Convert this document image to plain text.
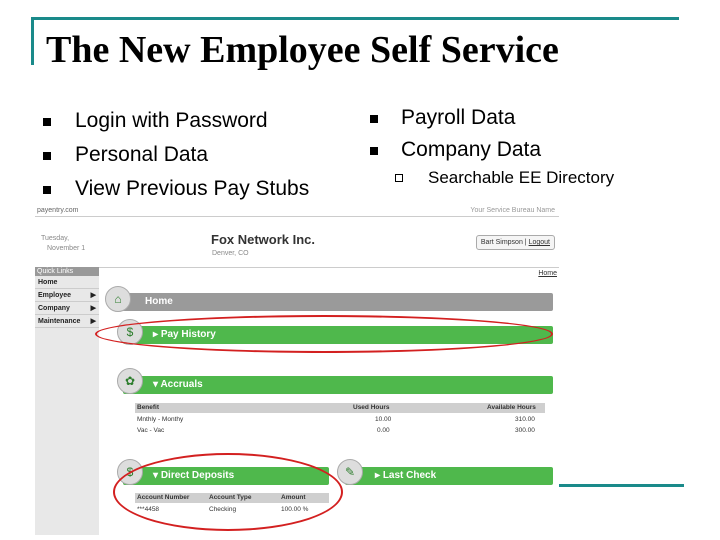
The New Employee Self Service
Login with Password
Personal Data
View Previous Pay Stubs
Payroll Data
Company Data
Searchable EE Directory
payentry.com	Your Service Bureau Name
Tuesday,
November 1
Fox Network Inc.
Denver, CO
Bart Simpson | Logout
Quick Links
Home
Employee	▶
Company	▶
Maintenance ▶
Home
Home
⌂
▸ Pay History
$
▾ Accruals
✿
Benefit	Used Hours	Available Hours
Mnthly - Monthy	10.00	310.00
Vac - Vac	0.00	300.00
▾ Direct Deposits
$	▸ Last Check
✎
Account Number	Account Type	Amount
***4458	Checking	100.00 %
